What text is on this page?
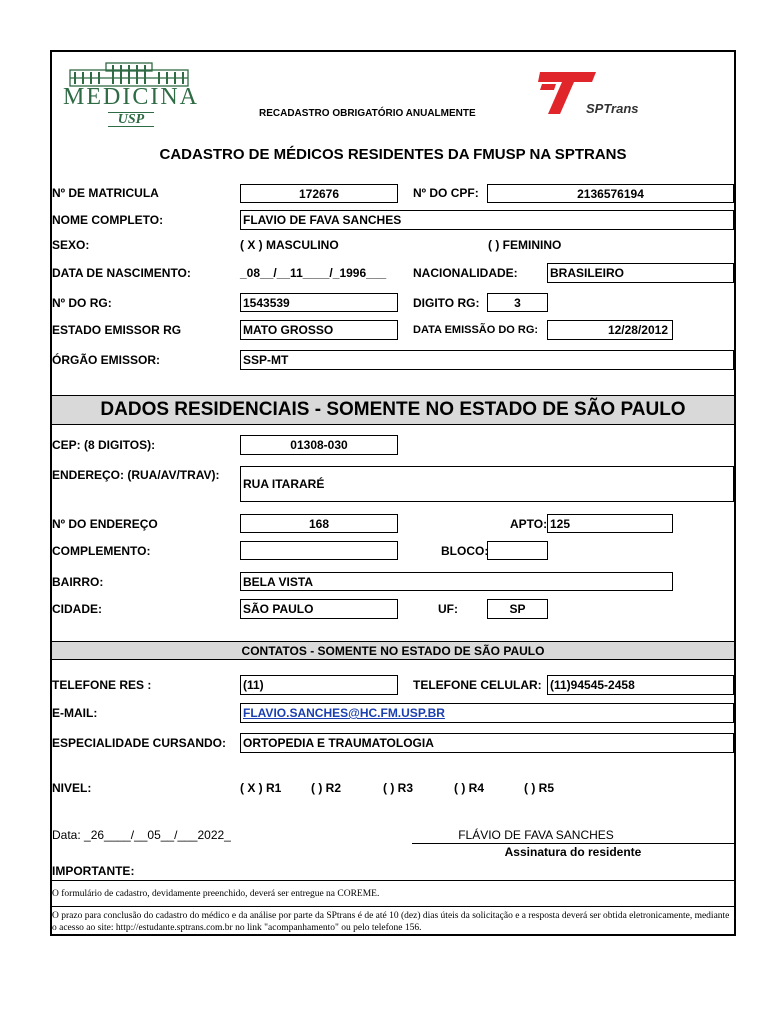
MEDICINA
USP
SPTrans
RECADASTRO OBRIGATÓRIO ANUALMENTE
CADASTRO DE MÉDICOS RESIDENTES DA FMUSP NA SPTRANS
Nº DE MATRICULA	172676	Nº DO CPF:	2136576194
NOME COMPLETO:	FLAVIO DE FAVA SANCHES
SEXO:	( X ) MASCULINO	( ) FEMININO
DATA DE NASCIMENTO:	_08__/__11____/_1996___ NACIONALIDADE:	BRASILEIRO
Nº DO RG:	1543539	DIGITO RG:	3
ESTADO EMISSOR RG	MATO GROSSO	DATA EMISSÃO DO RG:	12/28/2012
ÓRGÃO EMISSOR:	SSP-MT
DADOS RESIDENCIAIS - SOMENTE NO ESTADO DE SÃO PAULO
CEP: (8 DIGITOS):	01308-030
ENDEREÇO: (RUA/AV/TRAV):
RUA ITARARÉ
Nº DO ENDEREÇO	168	APTO: 125
COMPLEMENTO:	BLOCO:
BAIRRO:	BELA VISTA
CIDADE:	SÃO PAULO	UF:	SP
CONTATOS - SOMENTE NO ESTADO DE SÃO PAULO
TELEFONE RES :	(11)	TELEFONE CELULAR: (11)94545-2458
E-MAIL:	FLAVIO.SANCHES@HC.FM.USP.BR
ESPECIALIDADE CURSANDO: ORTOPEDIA E TRAUMATOLOGIA
NIVEL:	( X ) R1 ( ) R2	( ) R3	( ) R4	( ) R5
Data: _26____/__05__/___2022_	FLÁVIO DE FAVA SANCHES
Assinatura do residente
IMPORTANTE:
O formulário de cadastro, devidamente preenchido, deverá ser entregue na COREME.
O prazo para conclusão do cadastro do médico e da análise por parte da SPtrans é de até 10 (dez) dias úteis da solicitação e a resposta deverá ser obtida eletronicamente, mediante o acesso ao site: http://estudante.sptrans.com.br no link "acompanhamento" ou pelo telefone 156.
